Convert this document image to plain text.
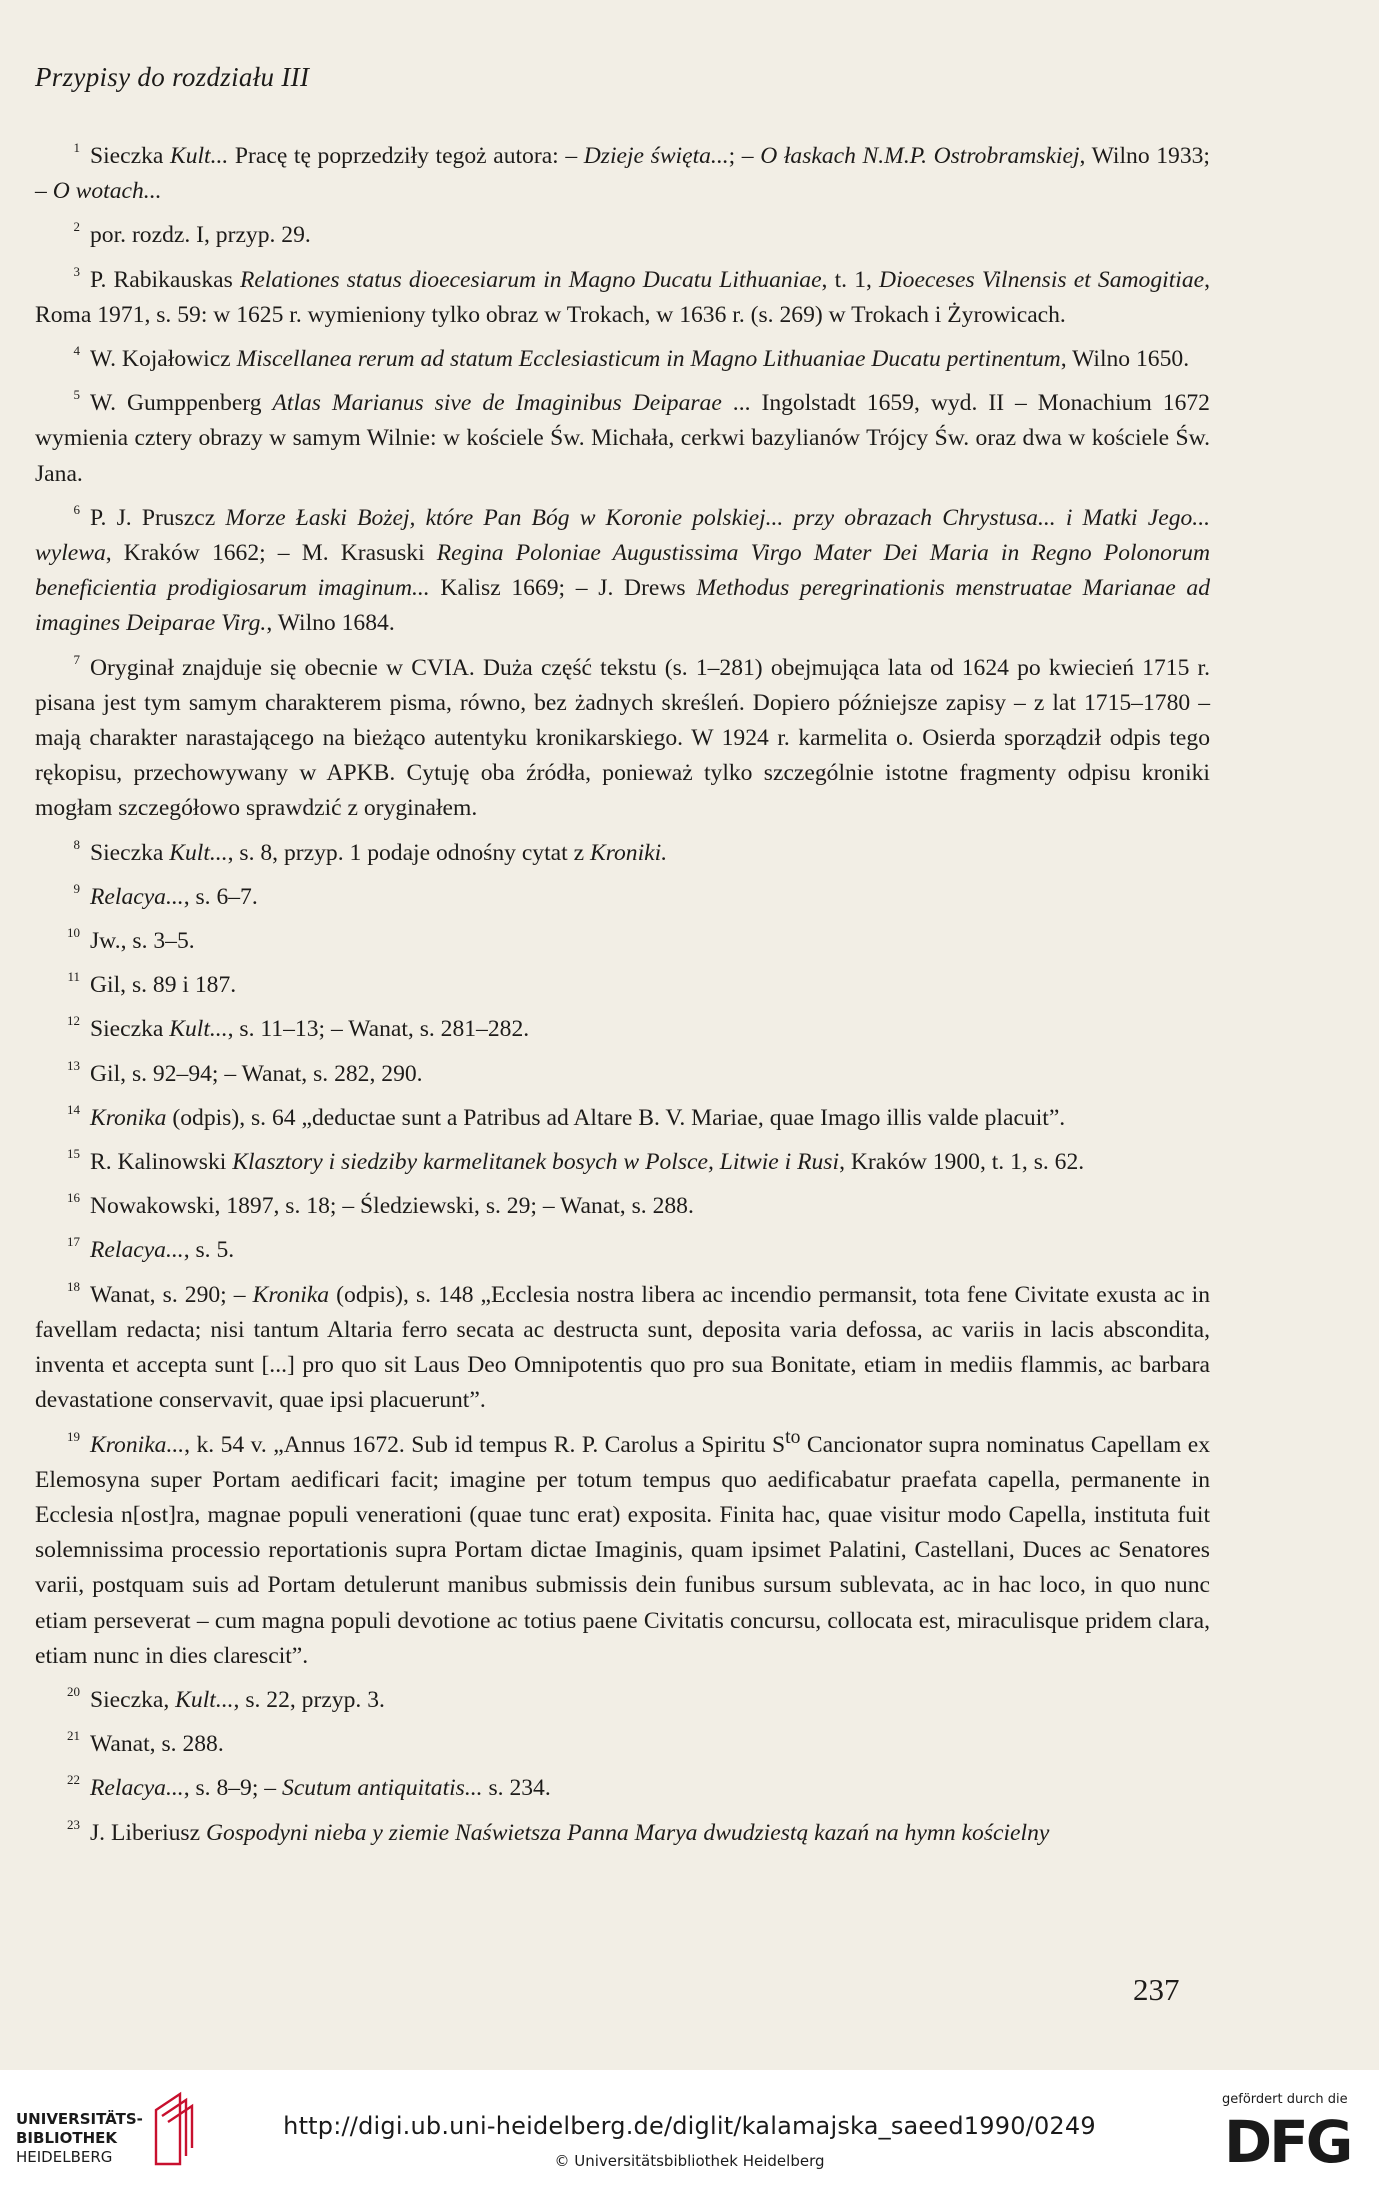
Przypisy do rozdziału III

1 Sieczka Kult... Pracę tę poprzedziły tegoż autora: – Dzieje święta...; – O łaskach N.M.P. Ostrobramskiej, Wilno 1933; – O wotach...

2 por. rozdz. I, przyp. 29.

3 P. Rabikauskas Relationes status dioecesiarum in Magno Ducatu Lithuaniae, t. 1, Dioeceses Vilnensis et Samogitiae, Roma 1971, s. 59: w 1625 r. wymieniony tylko obraz w Trokach, w 1636 r. (s. 269) w Trokach i Żyrowicach.

4 W. Kojałowicz Miscellanea rerum ad statum Ecclesiasticum in Magno Lithuaniae Ducatu pertinentum, Wilno 1650.

5 W. Gumppenberg Atlas Marianus sive de Imaginibus Deiparae ... Ingolstadt 1659, wyd. II – Monachium 1672 wymienia cztery obrazy w samym Wilnie: w kościele Św. Michała, cerkwi bazylianów Trójcy Św. oraz dwa w kościele Św. Jana.

6 P. J. Pruszcz Morze Łaski Bożej, które Pan Bóg w Koronie polskiej... przy obrazach Chrystusa... i Matki Jego... wylewa, Kraków 1662; – M. Krasuski Regina Poloniae Augustissima Virgo Mater Dei Maria in Regno Polonorum beneficientia prodigiosarum imaginum... Kalisz 1669; – J. Drews Methodus peregrinationis menstruatae Marianae ad imagines Deiparae Virg., Wilno 1684.

7 Oryginał znajduje się obecnie w CVIA. Duża część tekstu (s. 1–281) obejmująca lata od 1624 po kwiecień 1715 r. pisana jest tym samym charakterem pisma, równo, bez żadnych skreśleń. Dopiero późniejsze zapisy – z lat 1715–1780 – mają charakter narastającego na bieżąco autentyku kronikarskiego. W 1924 r. karmelita o. Osierda sporządził odpis tego rękopisu, przechowywany w APKB. Cytuję oba źródła, ponieważ tylko szczególnie istotne fragmenty odpisu kroniki mogłam szczegółowo sprawdzić z oryginałem.

8 Sieczka Kult..., s. 8, przyp. 1 podaje odnośny cytat z Kroniki.

9 Relacya..., s. 6–7.

10 Jw., s. 3–5.

11 Gil, s. 89 i 187.

12 Sieczka Kult..., s. 11–13; – Wanat, s. 281–282.

13 Gil, s. 92–94; – Wanat, s. 282, 290.

14 Kronika (odpis), s. 64 „deductae sunt a Patribus ad Altare B. V. Mariae, quae Imago illis valde placuit”.

15 R. Kalinowski Klasztory i siedziby karmelitanek bosych w Polsce, Litwie i Rusi, Kraków 1900, t. 1, s. 62.

16 Nowakowski, 1897, s. 18; – Śledziewski, s. 29; – Wanat, s. 288.

17 Relacya..., s. 5.

18 Wanat, s. 290; – Kronika (odpis), s. 148 „Ecclesia nostra libera ac incendio permansit, tota fene Civitate exusta ac in favellam redacta; nisi tantum Altaria ferro secata ac destructa sunt, deposita varia defossa, ac variis in lacis abscondita, inventa et accepta sunt [...] pro quo sit Laus Deo Omnipotentis quo pro sua Bonitate, etiam in mediis flammis, ac barbara devastatione conservavit, quae ipsi placuerunt”.

19 Kronika..., k. 54 v. „Annus 1672. Sub id tempus R. P. Carolus a Spiritu $S^{to}$ Cancionator supra nominatus Capellam ex Elemosyna super Portam aedificari facit; imagine per totum tempus quo aedificabatur praefata capella, permanente in Ecclesia n[ost]ra, magnae populi venerationi (quae tunc erat) exposita. Finita hac, quae visitur modo Capella, instituta fuit solemnissima processio reportationis supra Portam dictae Imaginis, quam ipsimet Palatini, Castellani, Duces ac Senatores varii, postquam suis ad Portam detulerunt manibus submissis dein funibus sursum sublevata, ac in hac loco, in quo nunc etiam perseverat – cum magna populi devotione ac totius paene Civitatis concursu, collocata est, miraculisque pridem clara, etiam nunc in dies clarescit”.

20 Sieczka, Kult..., s. 22, przyp. 3.

21 Wanat, s. 288.

22 Relacya..., s. 8–9; – Scutum antiquitatis... s. 234.

23 J. Liberiusz Gospodyni nieba y ziemie Naświetsza Panna Marya dwudziestą kazań na hymn kościelny

237
UNIVERSITÄTS-
BIBLIOTHEK
HEIDELBERG
http://digi.ub.uni-heidelberg.de/diglit/kalamajska_saeed1990/0249
© Universitätsbibliothek Heidelberg
gefördert durch die
DFG
